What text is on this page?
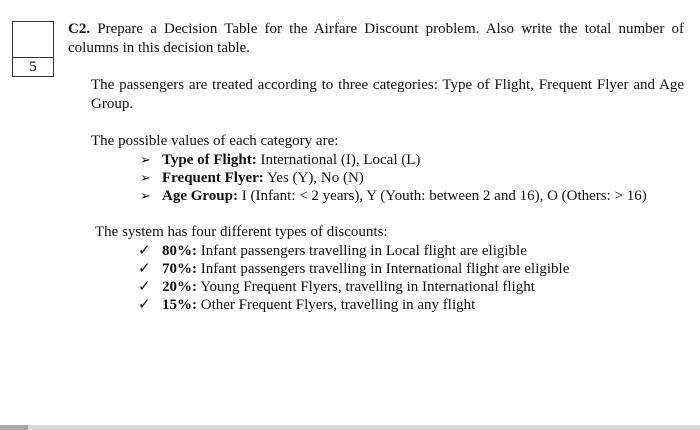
5

C2. Prepare a Decision Table for the Airfare Discount problem. Also write the total number of columns in this decision table.

The passengers are treated according to three categories: Type of Flight, Frequent Flyer and Age Group.

The possible values of each category are:

➢ Type of Flight: International (I), Local (L)
➢ Frequent Flyer: Yes (Y), No (N)
➢ Age Group: I (Infant: < 2 years), Y (Youth: between 2 and 16), O (Others: > 16)

The system has four different types of discounts:

✓ 80%: Infant passengers travelling in Local flight are eligible
✓ 70%: Infant passengers travelling in International flight are eligible
✓ 20%: Young Frequent Flyers, travelling in International flight
✓ 15%: Other Frequent Flyers, travelling in any flight
